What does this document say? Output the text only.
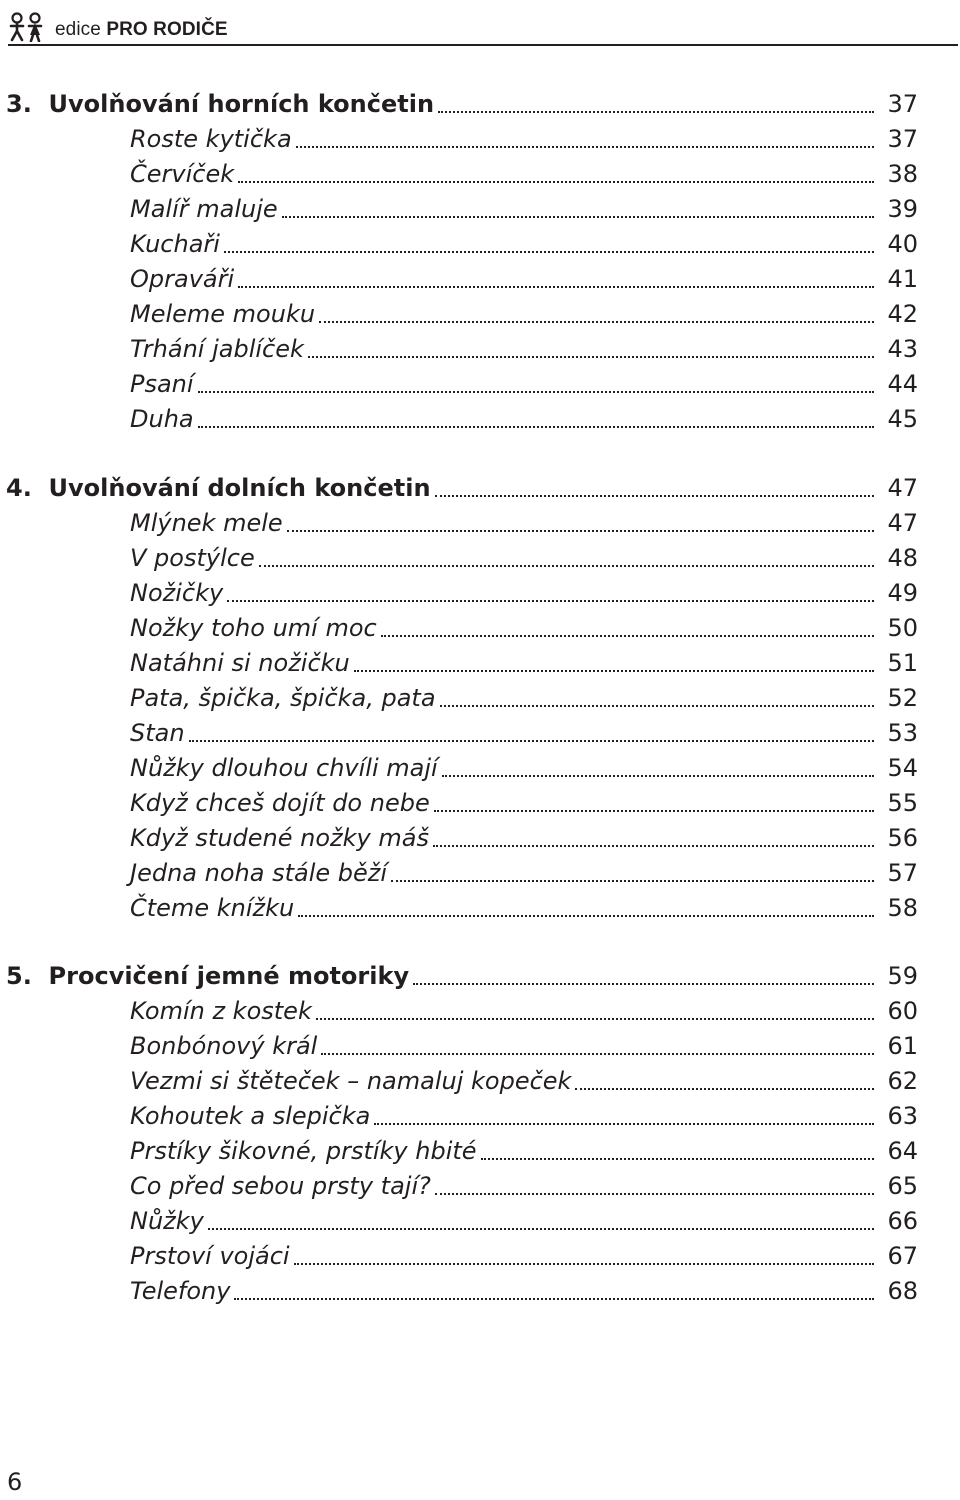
edice PRO RODIČE
3. Uvolňování horních končetin	37
Roste kytička	37
Červíček	38
Malíř maluje	39
Kuchaři	40
Opraváři	41
Meleme mouku	42
Trhání jablíček	43
Psaní	44
Duha	45
4. Uvolňování dolních končetin	47
Mlýnek mele	47
V postýlce	48
Nožičky	49
Nožky toho umí moc	50
Natáhni si nožičku	51
Pata, špička, špička, pata	52
Stan	53
Nůžky dlouhou chvíli mají	54
Když chceš dojít do nebe	55
Když studené nožky máš	56
Jedna noha stále běží	57
Čteme knížku	58
5. Procvičení jemné motoriky	59
Komín z kostek	60
Bonbónový král	61
Vezmi si štěteček – namaluj kopeček	62
Kohoutek a slepička	63
Prstíky šikovné, prstíky hbité	64
Co před sebou prsty tají?	65
Nůžky	66
Prstoví vojáci	67
Telefony	68
6
